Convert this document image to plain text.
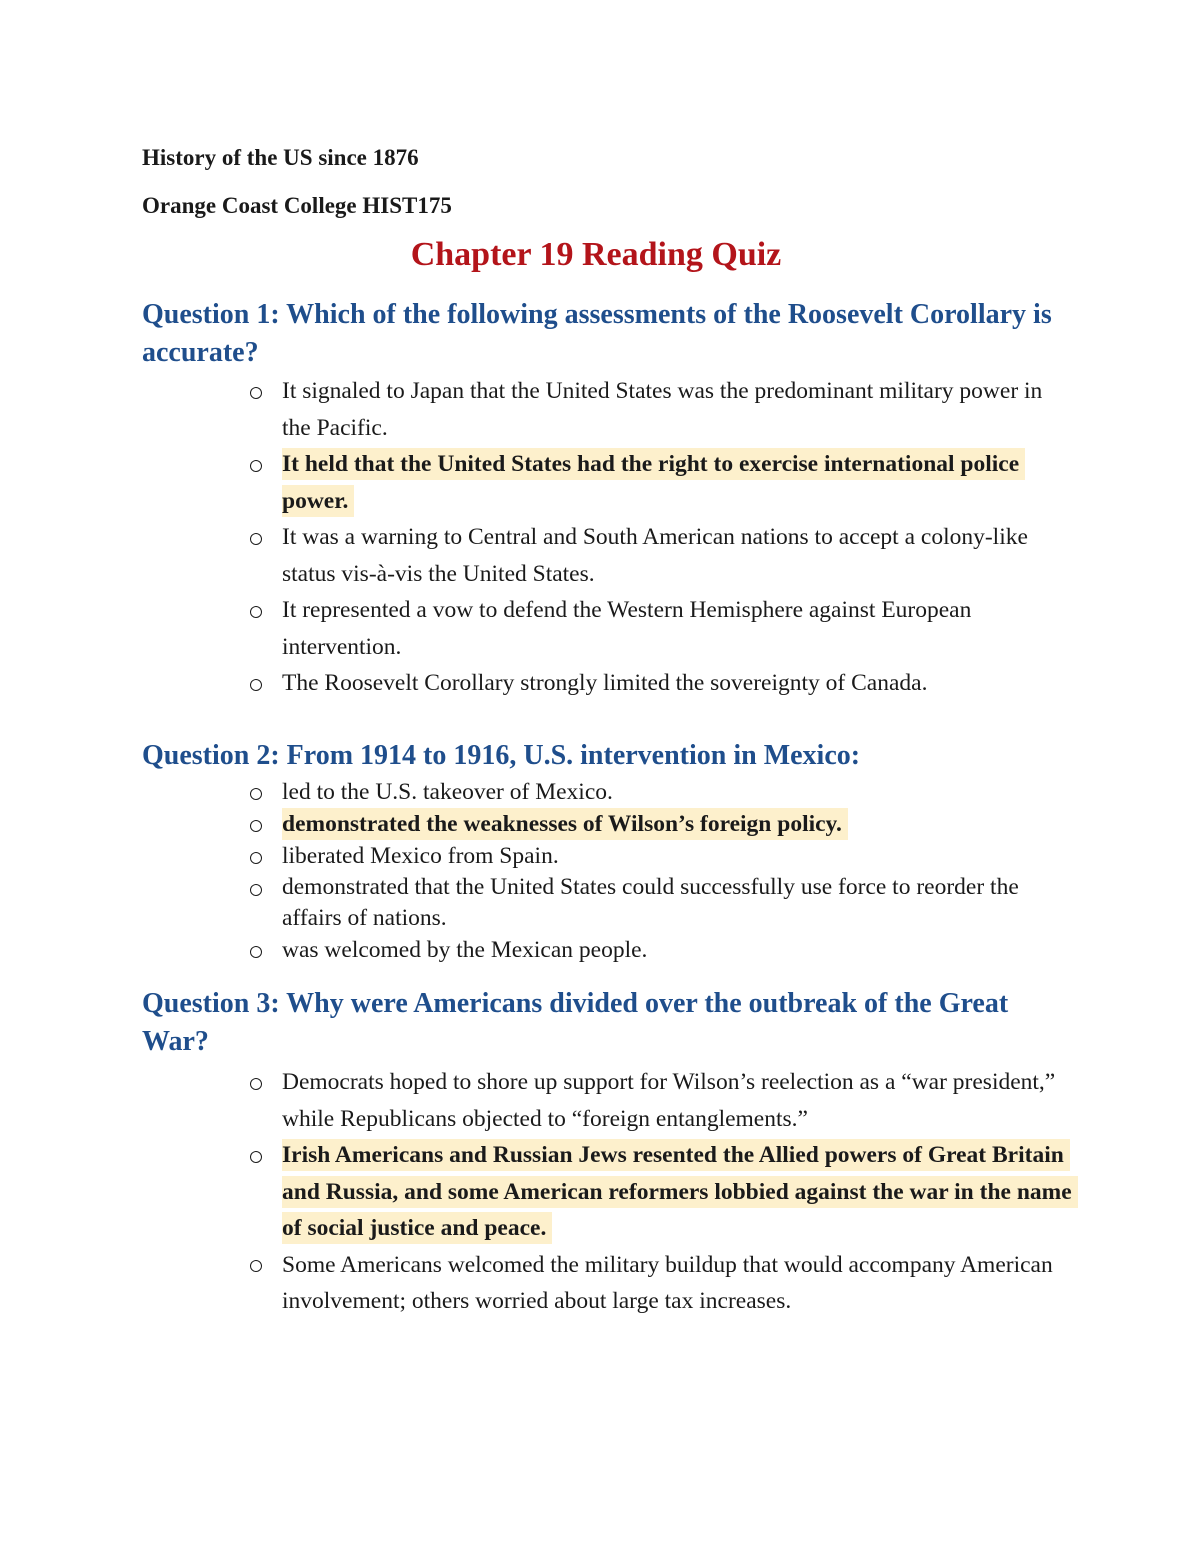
History of the US since 1876
Orange Coast College HIST175
Chapter 19 Reading Quiz
Question 1: Which of the following assessments of the Roosevelt Corollary is accurate?
It signaled to Japan that the United States was the predominant military power in the Pacific.
It held that the United States had the right to exercise international police power.
It was a warning to Central and South American nations to accept a colony-like status vis-à-vis the United States.
It represented a vow to defend the Western Hemisphere against European intervention.
The Roosevelt Corollary strongly limited the sovereignty of Canada.
Question 2: From 1914 to 1916, U.S. intervention in Mexico:
led to the U.S. takeover of Mexico.
demonstrated the weaknesses of Wilson’s foreign policy.
liberated Mexico from Spain.
demonstrated that the United States could successfully use force to reorder the affairs of nations.
was welcomed by the Mexican people.
Question 3: Why were Americans divided over the outbreak of the Great War?
Democrats hoped to shore up support for Wilson’s reelection as a “war president,” while Republicans objected to “foreign entanglements.”
Irish Americans and Russian Jews resented the Allied powers of Great Britain and Russia, and some American reformers lobbied against the war in the name of social justice and peace.
Some Americans welcomed the military buildup that would accompany American involvement; others worried about large tax increases.
